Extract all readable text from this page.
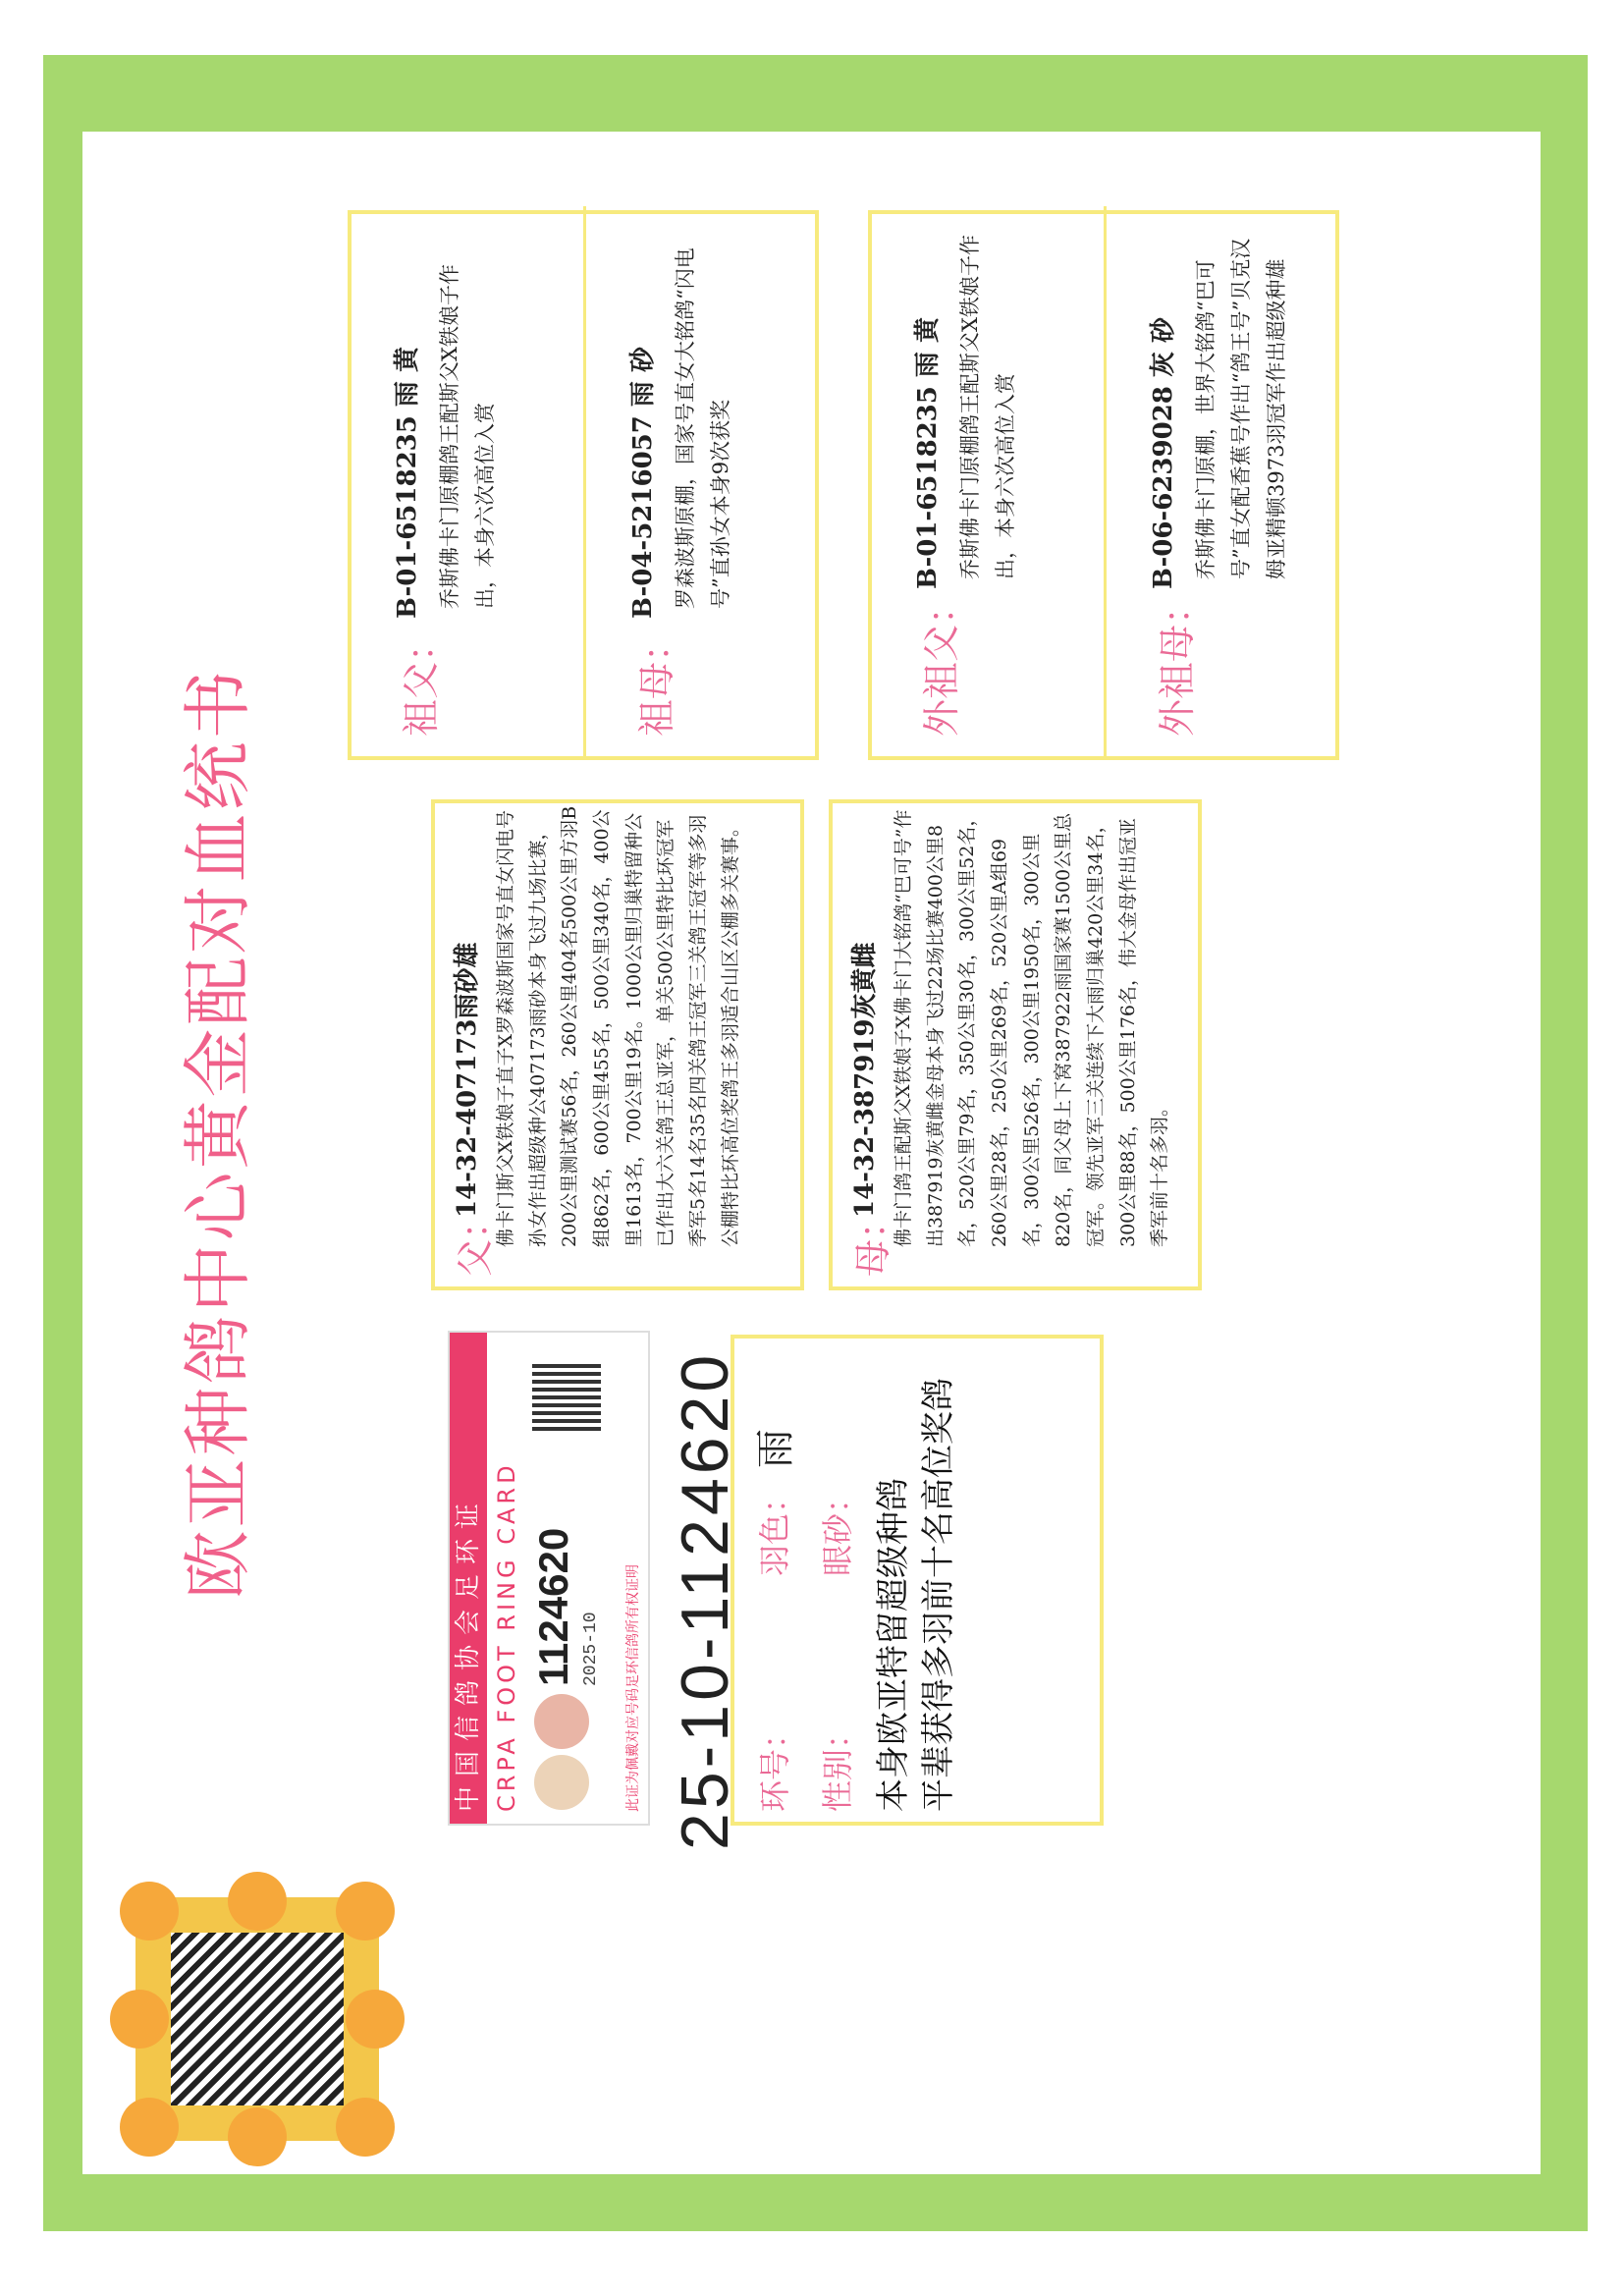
欧亚种鸽中心黄金配对血统书
中国信鸽协会足环证 CRPA FOOT RING CARD 1124620 2025-10 此证为佩戴对应号码足环信鸽所有权证明 25-10-1124620 环号：
羽色：
雨
性别：
眼砂： 本身欧亚特留超级种鸽
平辈获得多羽前十名高位奖鸽
父：
14-32-407173雨砂雄 佛卡门斯父X铁娘子直子X罗森波斯国家号直女闪电号孙女作出超级种公407173雨砂本身飞过九场比赛，200公里测试赛56名，260公里404名500公里方羽B组862名，600公里455名，500公里340名，400公里1613名，700公里19名。1000公里归巢特留种公已作出大六关鸽王总亚军，单关500公里特比环冠军季军5名14名35名四关鸽王冠军三关鸽王冠军等多羽公棚特比环高位奖鸽王多羽适合山区公棚多关赛事。	母：
14-32-387919灰黄雌 佛卡门鸽王配斯父X铁娘子X佛卡门大铭鸽“巴可号”作出387919灰黄雌金母本身飞过22场比赛400公里8名，520公里79名，350公里30名，300公里52名，260公里28名，250公里269名，520公里A组69名，300公里526名，300公里1950名，300公里820名，同父母上下窝387922雨国家赛1500公里总冠军。领先亚军三关连续下大雨归巢420公里34名，300公里88名，500公里176名，伟大金母作出冠亚季军前十名多羽。
祖父：
B-01-6518235 雨 黄 乔斯佛卡门原棚鸽王配斯父X铁娘子作出，本身六次高位入赏
祖母：
B-04-5216057 雨 砂 罗森波斯原棚，国家号直女大铭鸽“闪电号”直孙女本身9次获奖
外祖父：
B-01-6518235 雨 黄 乔斯佛卡门原棚鸽王配斯父X铁娘子作出，本身六次高位入赏
外祖母：
B-06-6239028 灰 砂 乔斯佛卡门原棚，世界大铭鸽“巴可号”直女配香蕉号作出“鸽王号”贝克汉姆亚精顿3973羽冠军作出超级种雄
